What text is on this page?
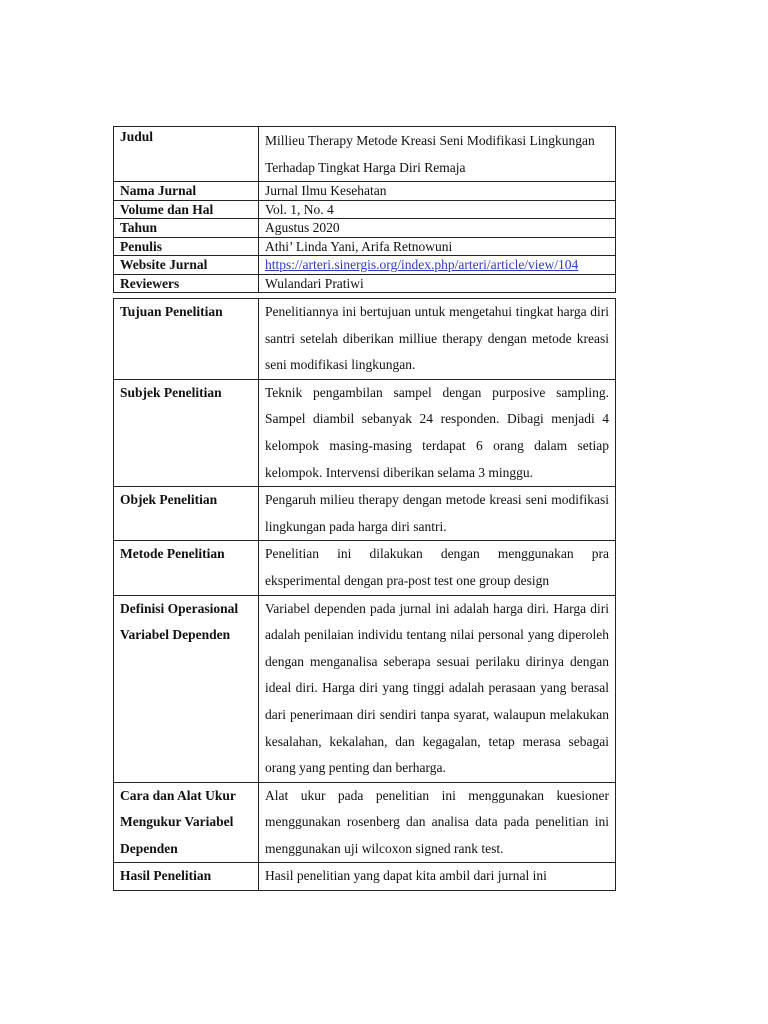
Judul	Millieu Therapy Metode Kreasi Seni Modifikasi Lingkungan Terhadap Tingkat Harga Diri Remaja
Nama Jurnal	Jurnal Ilmu Kesehatan
Volume dan Hal	Vol. 1, No. 4
Tahun	Agustus 2020
Penulis	Athi’ Linda Yani, Arifa Retnowuni
Website Jurnal	https://arteri.sinergis.org/index.php/arteri/article/view/104
Reviewers	Wulandari Pratiwi
Tujuan Penelitian	Penelitiannya ini bertujuan untuk mengetahui tingkat harga diri santri setelah diberikan milliue therapy dengan metode kreasi seni modifikasi lingkungan.
Subjek Penelitian	Teknik pengambilan sampel dengan purposive sampling. Sampel diambil sebanyak 24 responden. Dibagi menjadi 4 kelompok masing-masing terdapat 6 orang dalam setiap kelompok. Intervensi diberikan selama 3 minggu.
Objek Penelitian	Pengaruh milieu therapy dengan metode kreasi seni modifikasi lingkungan pada harga diri santri.
Metode Penelitian	Penelitian ini dilakukan dengan menggunakan pra eksperimental dengan pra-post test one group design
Definisi Operasional Variabel Dependen	Variabel dependen pada jurnal ini adalah harga diri. Harga diri adalah penilaian individu tentang nilai personal yang diperoleh dengan menganalisa seberapa sesuai perilaku dirinya dengan ideal diri. Harga diri yang tinggi adalah perasaan yang berasal dari penerimaan diri sendiri tanpa syarat, walaupun melakukan kesalahan, kekalahan, dan kegagalan, tetap merasa sebagai orang yang penting dan berharga.
Cara dan Alat Ukur Mengukur Variabel Dependen	Alat ukur pada penelitian ini menggunakan kuesioner menggunakan rosenberg dan analisa data pada penelitian ini menggunakan uji wilcoxon signed rank test.
Hasil Penelitian	Hasil penelitian yang dapat kita ambil dari jurnal ini
